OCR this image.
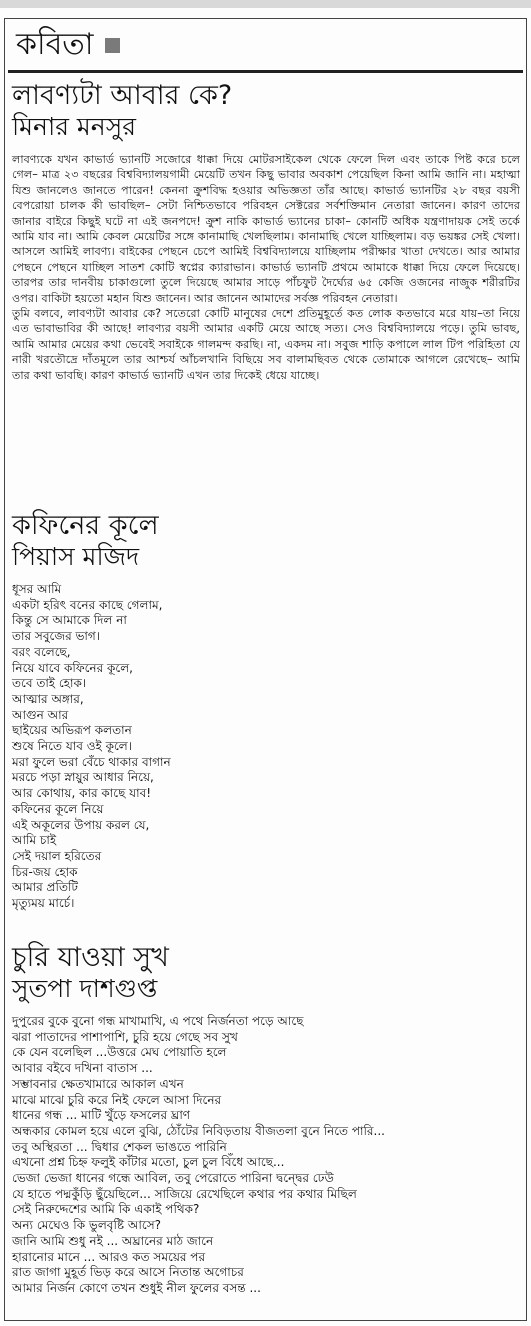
কবিতা
লাবণ্যটা আবার কে?
মিনার মনসুর

লাবণ্যকে যখন কাভার্ড ভ্যানটি সজোরে ধাক্কা দিয়ে মোটরসাইকেল থেকে ফেলে দিল এবং তাকে পিষ্ট করে চলে গেল– মাত্র ২৩ বছরের বিশ্ববিদ্যালয়গামী মেয়েটি তখন কিছু ভাবার অবকাশ পেয়েছিল কিনা আমি জানি না। মহাত্মা যিশু জানলেও জানতে পারেন! কেননা ক্রুশবিদ্ধ হওয়ার অভিজ্ঞতা তাঁর আছে। কাভার্ড ভ্যানটির ২৮ বছর বয়সী বেপরোয়া চালক কী ভাবছিল– সেটা নিশ্চিতভাবে পরিবহন সেক্টরের সর্বশক্তিমান নেতারা জানেন। কারণ তাদের জানার বাইরে কিছুই ঘটে না এই জনপদে! ক্রুশ নাকি কাভার্ড ভ্যানের চাকা– কোনটি অধিক যন্ত্রণাদায়ক সেই তর্কে আমি যাব না। আমি কেবল মেয়েটির সঙ্গে কানামাছি খেলছিলাম। কানামাছি খেলে যাচ্ছিলাম। বড় ভয়ঙ্কর সেই খেলা। আসলে আমিই লাবণ্য। বাইকের পেছনে চেপে আমিই বিশ্ববিদ্যালয়ে যাচ্ছিলাম পরীক্ষার খাতা দেখতে। আর আমার পেছনে পেছনে যাচ্ছিল সাতশ কোটি স্বপ্নের ক্যারাভান। কাভার্ড ভ্যানটি প্রথমে আমাকে ধাক্কা দিয়ে ফেলে দিয়েছে। তারপর তার দানবীয় চাকাগুলো তুলে দিয়েছে আমার সাড়ে পাঁচফুট দৈর্ঘ্যের ৬৫ কেজি ওজনের নাজুক শরীরটির ওপর। বাকিটা হয়তো মহান যিশু জানেন। আর জানেন আমাদের সর্বজ্ঞ পরিবহন নেতারা।

তুমি বলবে, লাবণ্যটা আবার কে? সতেরো কোটি মানুষের দেশে প্রতিমুহূর্তে কত লোক কতভাবে মরে যায়–তা নিয়ে এত ভাবাভাবির কী আছে! লাবণ্যর বয়সী আমার একটি মেয়ে আছে সত্য। সেও বিশ্ববিদ্যালয়ে পড়ে। তুমি ভাবছ, আমি আমার মেয়ের কথা ভেবেই সবাইকে গালমন্দ করছি। না, একদম না। সবুজ শাড়ি কপালে লাল টিপ পরিহিতা যে নারী খরতৌদ্রে দাঁতমূলে তার আশ্চর্য আঁচলখানি বিছিয়ে সব বালামছিবত থেকে তোমাকে আগলে রেখেছে– আমি তার কথা ভাবছি। কারণ কাভার্ড ভ্যানটি এখন তার দিকেই ধেয়ে যাচ্ছে।

কফিনের কূলে
পিয়াস মজিদ
ধূসর আমি
একটা হরিৎ বনের কাছে গেলাম,
কিন্তু সে আমাকে দিল না
তার সবুজের ভাগ।
বরং বলেছে,
নিয়ে যাবে কফিনের কূলে,
তবে তাই হোক।
আত্মার অঙ্গার,
আগুন আর
ছাইয়ের অভিরূপ কলতান
শুষে নিতে যাব ওই কূলে।
মরা ফুলে ভরা বেঁচে থাকার বাগান
মরচে পড়া স্নায়ুর আধার নিয়ে,
আর কোথায়, কার কাছে যাব!
কফিনের কূলে নিয়ে
এই অকূলের উপায় করল যে,
আমি চাই
সেই দয়াল হরিতের
চির-জয় হোক
আমার প্রতিটি
মৃত্যুময় মার্চে।
চুরি যাওয়া সুখ
সুতপা দাশগুপ্ত
দুপুরের বুকে বুনো গন্ধ মাখামাখি, এ পথে নির্জনতা পড়ে আছে
ঝরা পাতাদের পাশাপাশি, চুরি হয়ে গেছে সব সুখ
কে যেন বলেছিল ...উত্তরে মেঘ পোয়াতি হলে
আবার বইবে দখিনা বাতাস ...
সম্ভাবনার ক্ষেতখামারে আকাল এখন
মাঝে মাঝে চুরি করে নিই ফেলে আসা দিনের
ধানের গন্ধ ... মাটি খুঁড়ে ফসলের ঘ্রাণ
অন্ধকার কোমল হয়ে এলে বুঝি, ঠোঁটের নিবিড়তায় বীজতলা বুনে নিতে পারি...
তবু অস্থিরতা ... দ্বিধার শেকল ভাঙতে পারিনি
এখনো প্রশ্ন চিহ্ন ফলুই কাঁটার মতো, চুল চুল বিঁধে আছে...
ভেজা ভেজা ধানের গন্ধে আবিল, তবু পেরোতে পারিনা দ্বন্দ্বের ঢেউ
যে হাতে পদ্মকুঁড়ি ছুঁয়েছিলে... সাজিয়ে রেখেছিলে কথার পর কথার মিছিল
সেই নিরুদ্দেশের আমি কি একাই পথিক?
অন্য মেঘেও কি ভুলবৃষ্টি আসে?
জানি আমি শুধু নই ... অঘ্রানের মাঠ জানে
হারানোর মানে ... আরও কত সময়ের পর
রাত জাগা মুহূর্ত ভিড় করে আসে নিতান্ত অগোচর
আমার নির্জন কোণে তখন শুধুই নীল ফুলের বসন্ত ...
